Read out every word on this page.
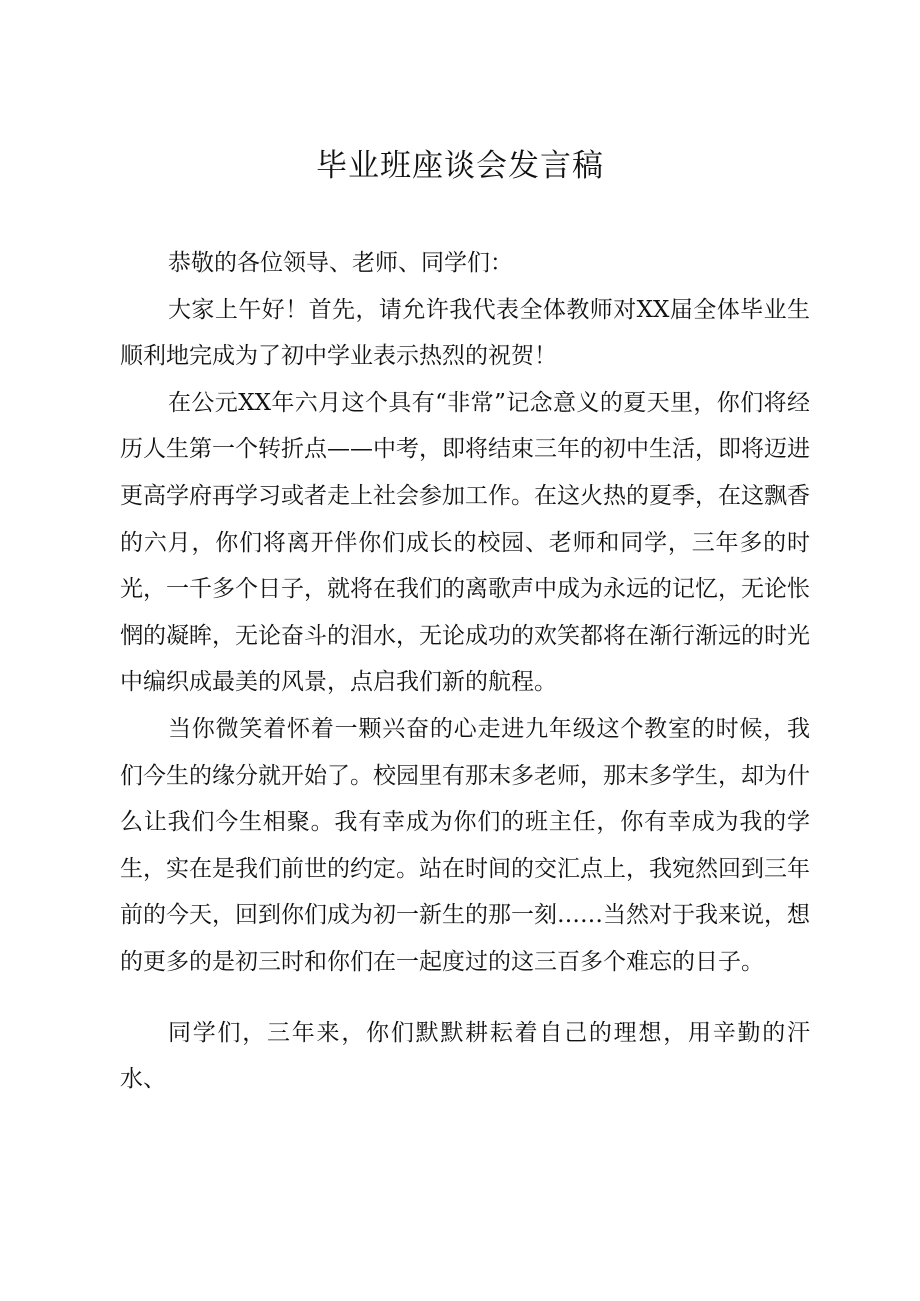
毕业班座谈会发言稿

恭敬的各位领导、老师、同学们：

大家上午好！首先，请允许我代表全体教师对XX届全体毕业生顺利地完成为了初中学业表示热烈的祝贺！

在公元XX年六月这个具有“非常”记念意义的夏天里，你们将经历人生第一个转折点——中考，即将结束三年的初中生活，即将迈进更高学府再学习或者走上社会参加工作。在这火热的夏季，在这飘香的六月，你们将离开伴你们成长的校园、老师和同学，三年多的时光，一千多个日子，就将在我们的离歌声中成为永远的记忆，无论怅惘的凝眸，无论奋斗的泪水，无论成功的欢笑都将在渐行渐远的时光中编织成最美的风景，点启我们新的航程。

当你微笑着怀着一颗兴奋的心走进九年级这个教室的时候，我们今生的缘分就开始了。校园里有那末多老师，那末多学生，却为什么让我们今生相聚。我有幸成为你们的班主任，你有幸成为我的学生，实在是我们前世的约定。站在时间的交汇点上，我宛然回到三年前的今天，回到你们成为初一新生的那一刻……当然对于我来说，想的更多的是初三时和你们在一起度过的这三百多个难忘的日子。

同学们，三年来，你们默默耕耘着自己的理想，用辛勤的汗水、
